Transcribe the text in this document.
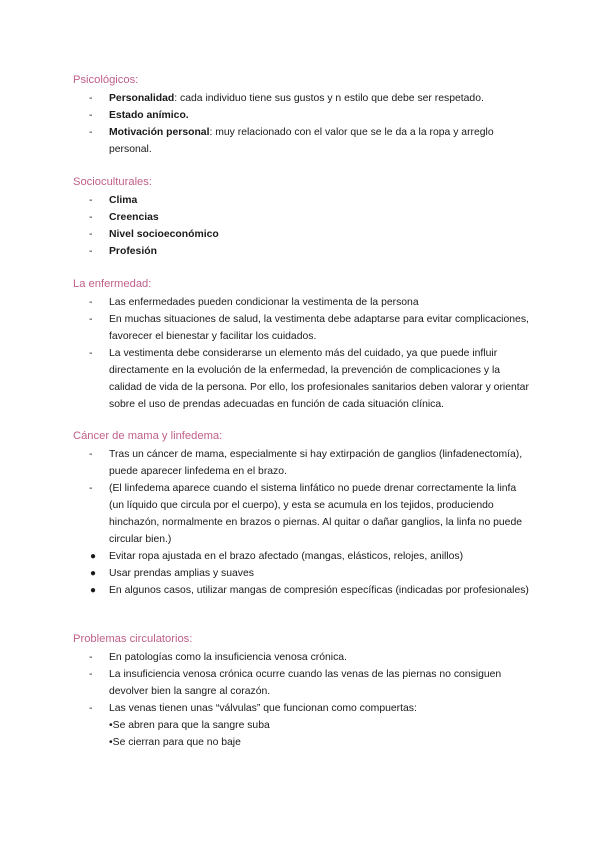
Psicológicos:
-	Personalidad: cada individuo tiene sus gustos y n estilo que debe ser respetado.
-	Estado anímico.
-	Motivación personal: muy relacionado con el valor que se le da a la ropa y arreglo personal.
Socioculturales:
-	Clima
-	Creencias
-	Nivel socioeconómico
-	Profesión
La enfermedad:
-	Las enfermedades pueden condicionar la vestimenta de la persona
-	En muchas situaciones de salud, la vestimenta debe adaptarse para evitar complicaciones, favorecer el bienestar y facilitar los cuidados.
-	La vestimenta debe considerarse un elemento más del cuidado, ya que puede influir directamente en la evolución de la enfermedad, la prevención de complicaciones y la calidad de vida de la persona. Por ello, los profesionales sanitarios deben valorar y orientar sobre el uso de prendas adecuadas en función de cada situación clínica.
Cáncer de mama y linfedema:
-	Tras un cáncer de mama, especialmente si hay extirpación de ganglios (linfadenectomía), puede aparecer linfedema en el brazo.
-	(El linfedema aparece cuando el sistema linfático no puede drenar correctamente la linfa (un líquido que circula por el cuerpo), y esta se acumula en los tejidos, produciendo hinchazón, normalmente en brazos o piernas. Al quitar o dañar ganglios, la linfa no puede circular bien.)
●	Evitar ropa ajustada en el brazo afectado (mangas, elásticos, relojes, anillos)
●	Usar prendas amplias y suaves
●	En algunos casos, utilizar mangas de compresión específicas (indicadas por profesionales)
Problemas circulatorios:
-	En patologías como la insuficiencia venosa crónica.
-	La insuficiencia venosa crónica ocurre cuando las venas de las piernas no consiguen devolver bien la sangre al corazón.
-	Las venas tienen unas “válvulas” que funcionan como compuertas:
•Se abren para que la sangre suba
•Se cierran para que no baje
